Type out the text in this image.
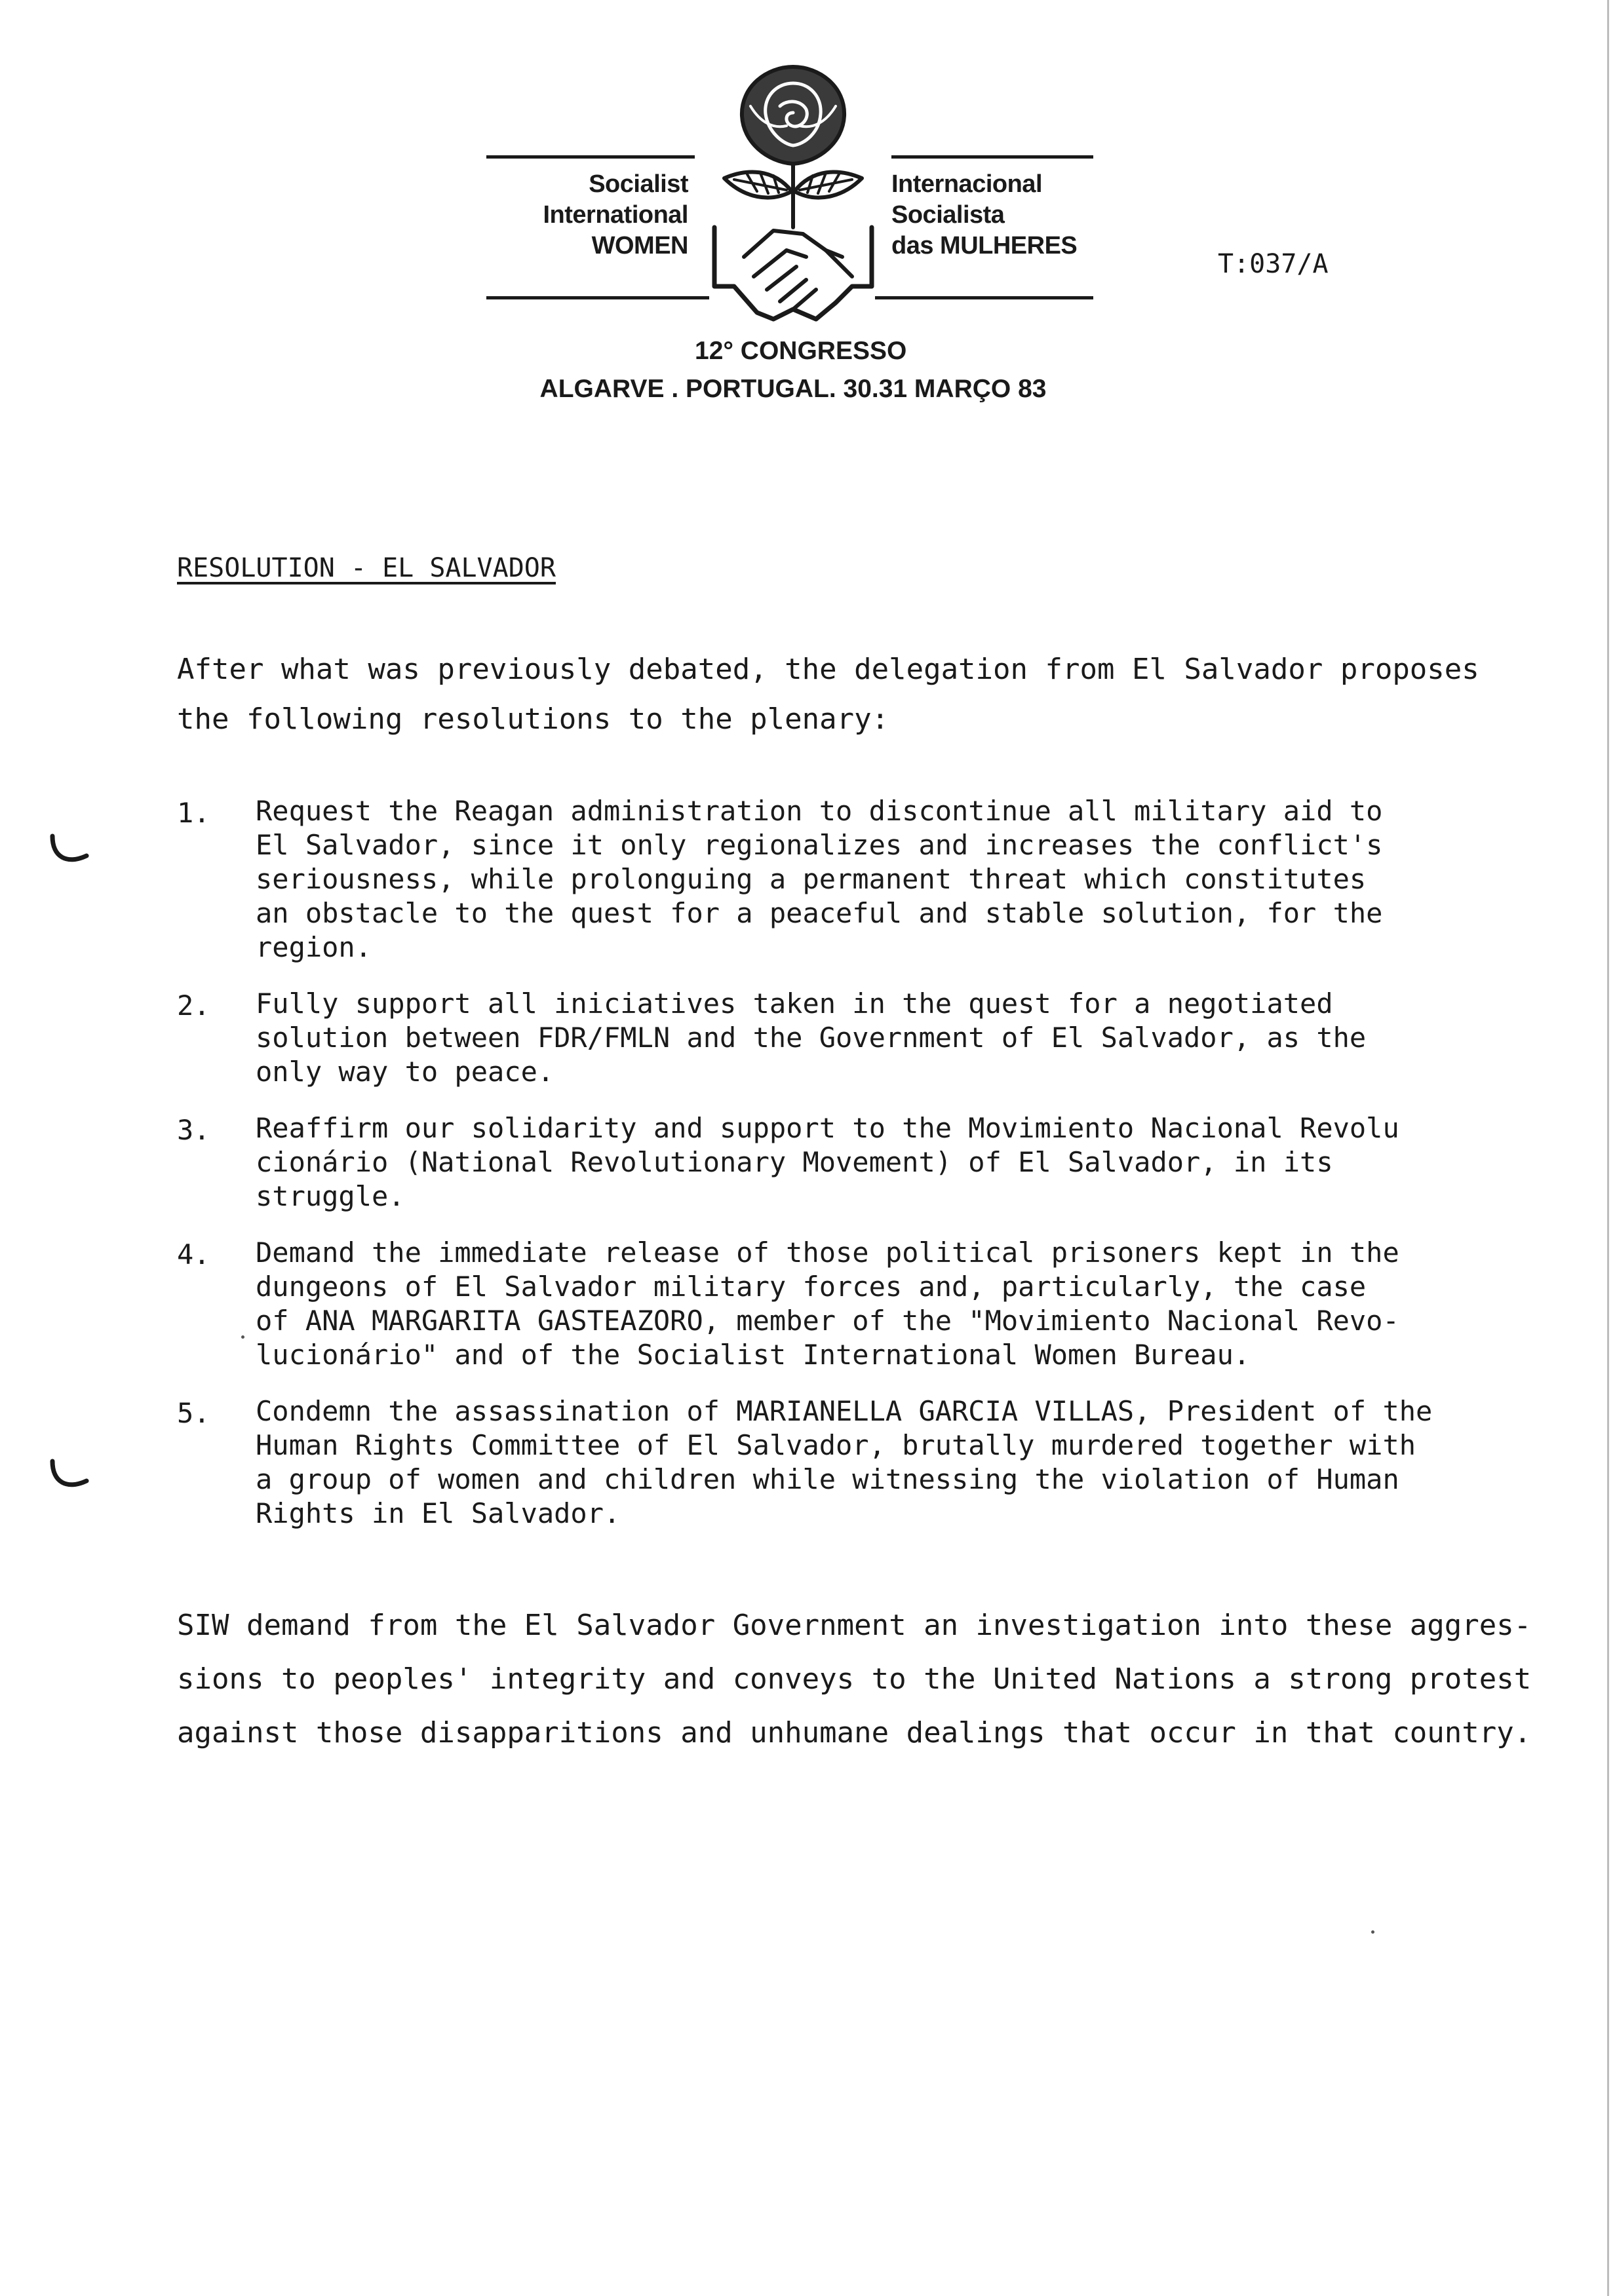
Socialist
International
WOMEN
Internacional
Socialista
das MULHERES
T:037/A
12° CONGRESSO
ALGARVE . PORTUGAL. 30.31 MARÇO 83
RESOLUTION - EL SALVADOR
After what was previously debated, the delegation from El Salvador proposes
the following resolutions to the plenary:
1. Request the Reagan administration to discontinue all military aid to
El Salvador, since it only regionalizes and increases the conflict's
seriousness, while prolonguing a permanent threat which constitutes
an obstacle to the quest for a peaceful and stable solution, for the
region.
2. Fully support all iniciatives taken in the quest for a negotiated
solution between FDR/FMLN and the Government of El Salvador, as the
only way to peace.
3. Reaffirm our solidarity and support to the Movimiento Nacional Revolu
cionário (National Revolutionary Movement) of El Salvador, in its
struggle.
4. Demand the immediate release of those political prisoners kept in the
dungeons of El Salvador military forces and, particularly, the case
of ANA MARGARITA GASTEAZORO, member of the "Movimiento Nacional Revo-
lucionário" and of the Socialist International Women Bureau.
5. Condemn the assassination of MARIANELLA GARCIA VILLAS, President of the
Human Rights Committee of El Salvador, brutally murdered together with
a group of women and children while witnessing the violation of Human
Rights in El Salvador.
SIW demand from the El Salvador Government an investigation into these aggres-
sions to peoples' integrity and conveys to the United Nations a strong protest
against those disapparitions and unhumane dealings that occur in that country.
